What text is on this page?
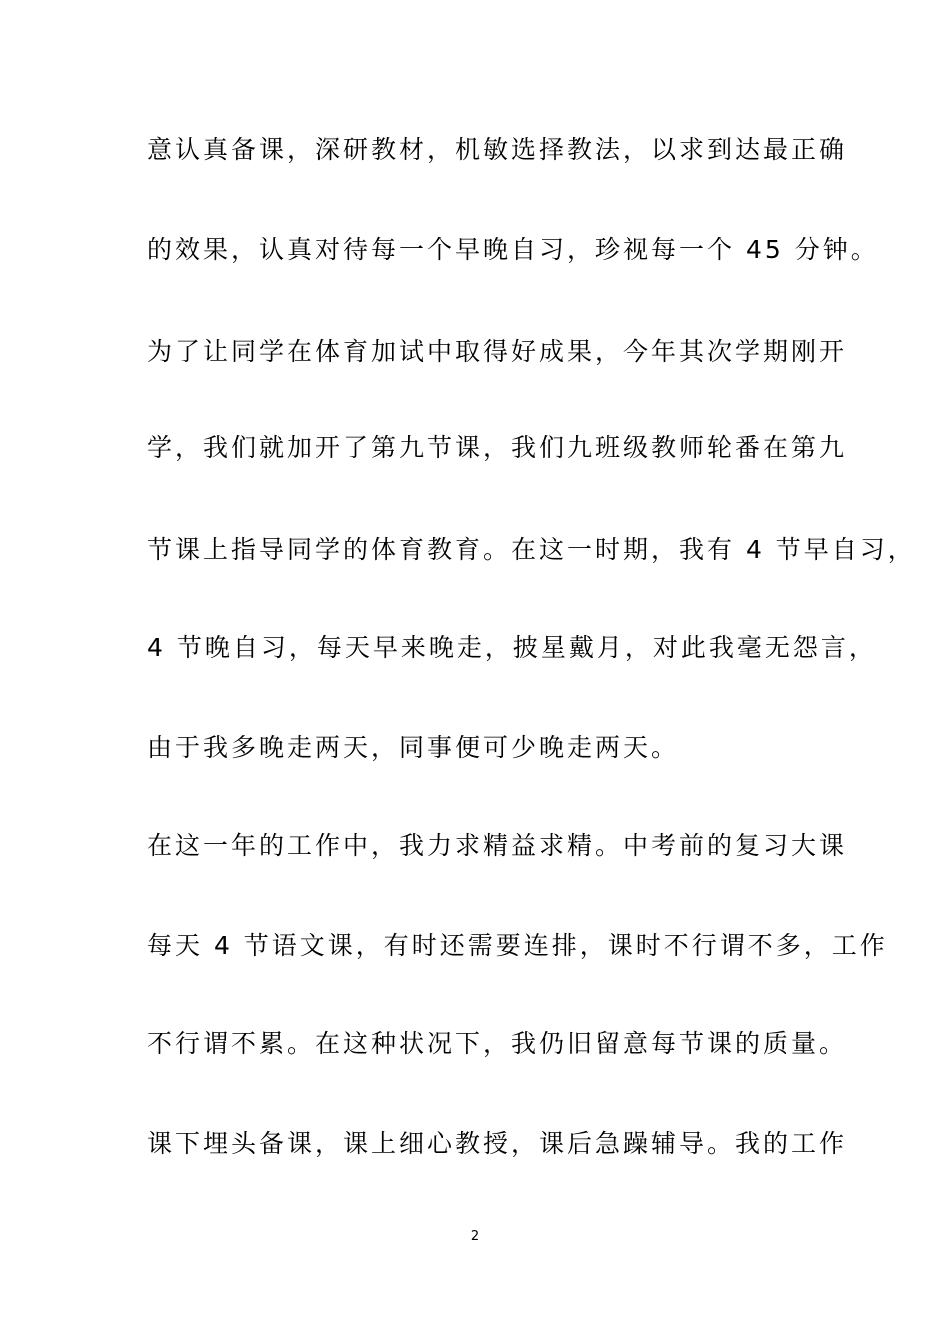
意认真备课，深研教材，机敏选择教法，以求到达最正确
的效果，认真对待每一个早晚自习，珍视每一个 45 分钟。
为了让同学在体育加试中取得好成果，今年其次学期刚开
学，我们就加开了第九节课，我们九班级教师轮番在第九
节课上指导同学的体育教育。在这一时期，我有 4 节早自习，
4 节晚自习，每天早来晚走，披星戴月，对此我毫无怨言，
由于我多晚走两天，同事便可少晚走两天。
在这一年的工作中，我力求精益求精。中考前的复习大课
每天 4 节语文课，有时还需要连排，课时不行谓不多，工作
不行谓不累。在这种状况下，我仍旧留意每节课的质量。
课下埋头备课，课上细心教授，课后急躁辅导。我的工作
2
